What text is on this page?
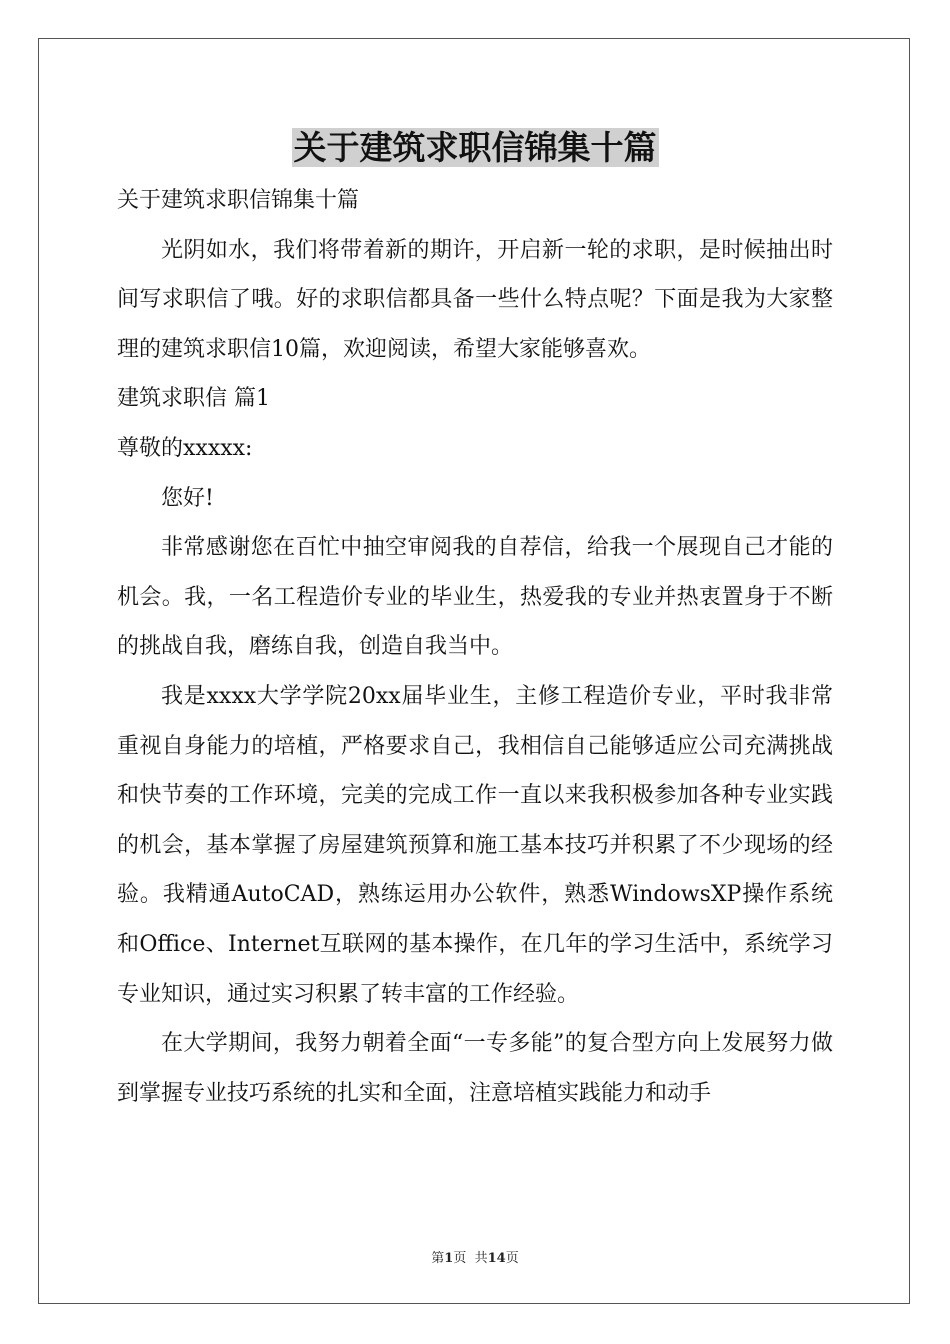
关于建筑求职信锦集十篇

关于建筑求职信锦集十篇

光阴如水，我们将带着新的期许，开启新一轮的求职，是时候抽出时间写求职信了哦。好的求职信都具备一些什么特点呢？下面是我为大家整理的建筑求职信10篇，欢迎阅读，希望大家能够喜欢。

建筑求职信 篇1

尊敬的xxxxx:

您好!

非常感谢您在百忙中抽空审阅我的自荐信，给我一个展现自己才能的机会。我，一名工程造价专业的毕业生，热爱我的专业并热衷置身于不断的挑战自我，磨练自我，创造自我当中。

我是xxxx大学学院20xx届毕业生，主修工程造价专业，平时我非常重视自身能力的培植，严格要求自己，我相信自己能够适应公司充满挑战和快节奏的工作环境，完美的完成工作一直以来我积极参加各种专业实践的机会，基本掌握了房屋建筑预算和施工基本技巧并积累了不少现场的经验。我精通AutoCAD，熟练运用办公软件，熟悉WindowsXP操作系统和Office、Internet互联网的基本操作，在几年的学习生活中，系统学习专业知识，通过实习积累了转丰富的工作经验。

在大学期间，我努力朝着全面“一专多能”的复合型方向上发展努力做到掌握专业技巧系统的扎实和全面，注意培植实践能力和动手

第1页  共14页
